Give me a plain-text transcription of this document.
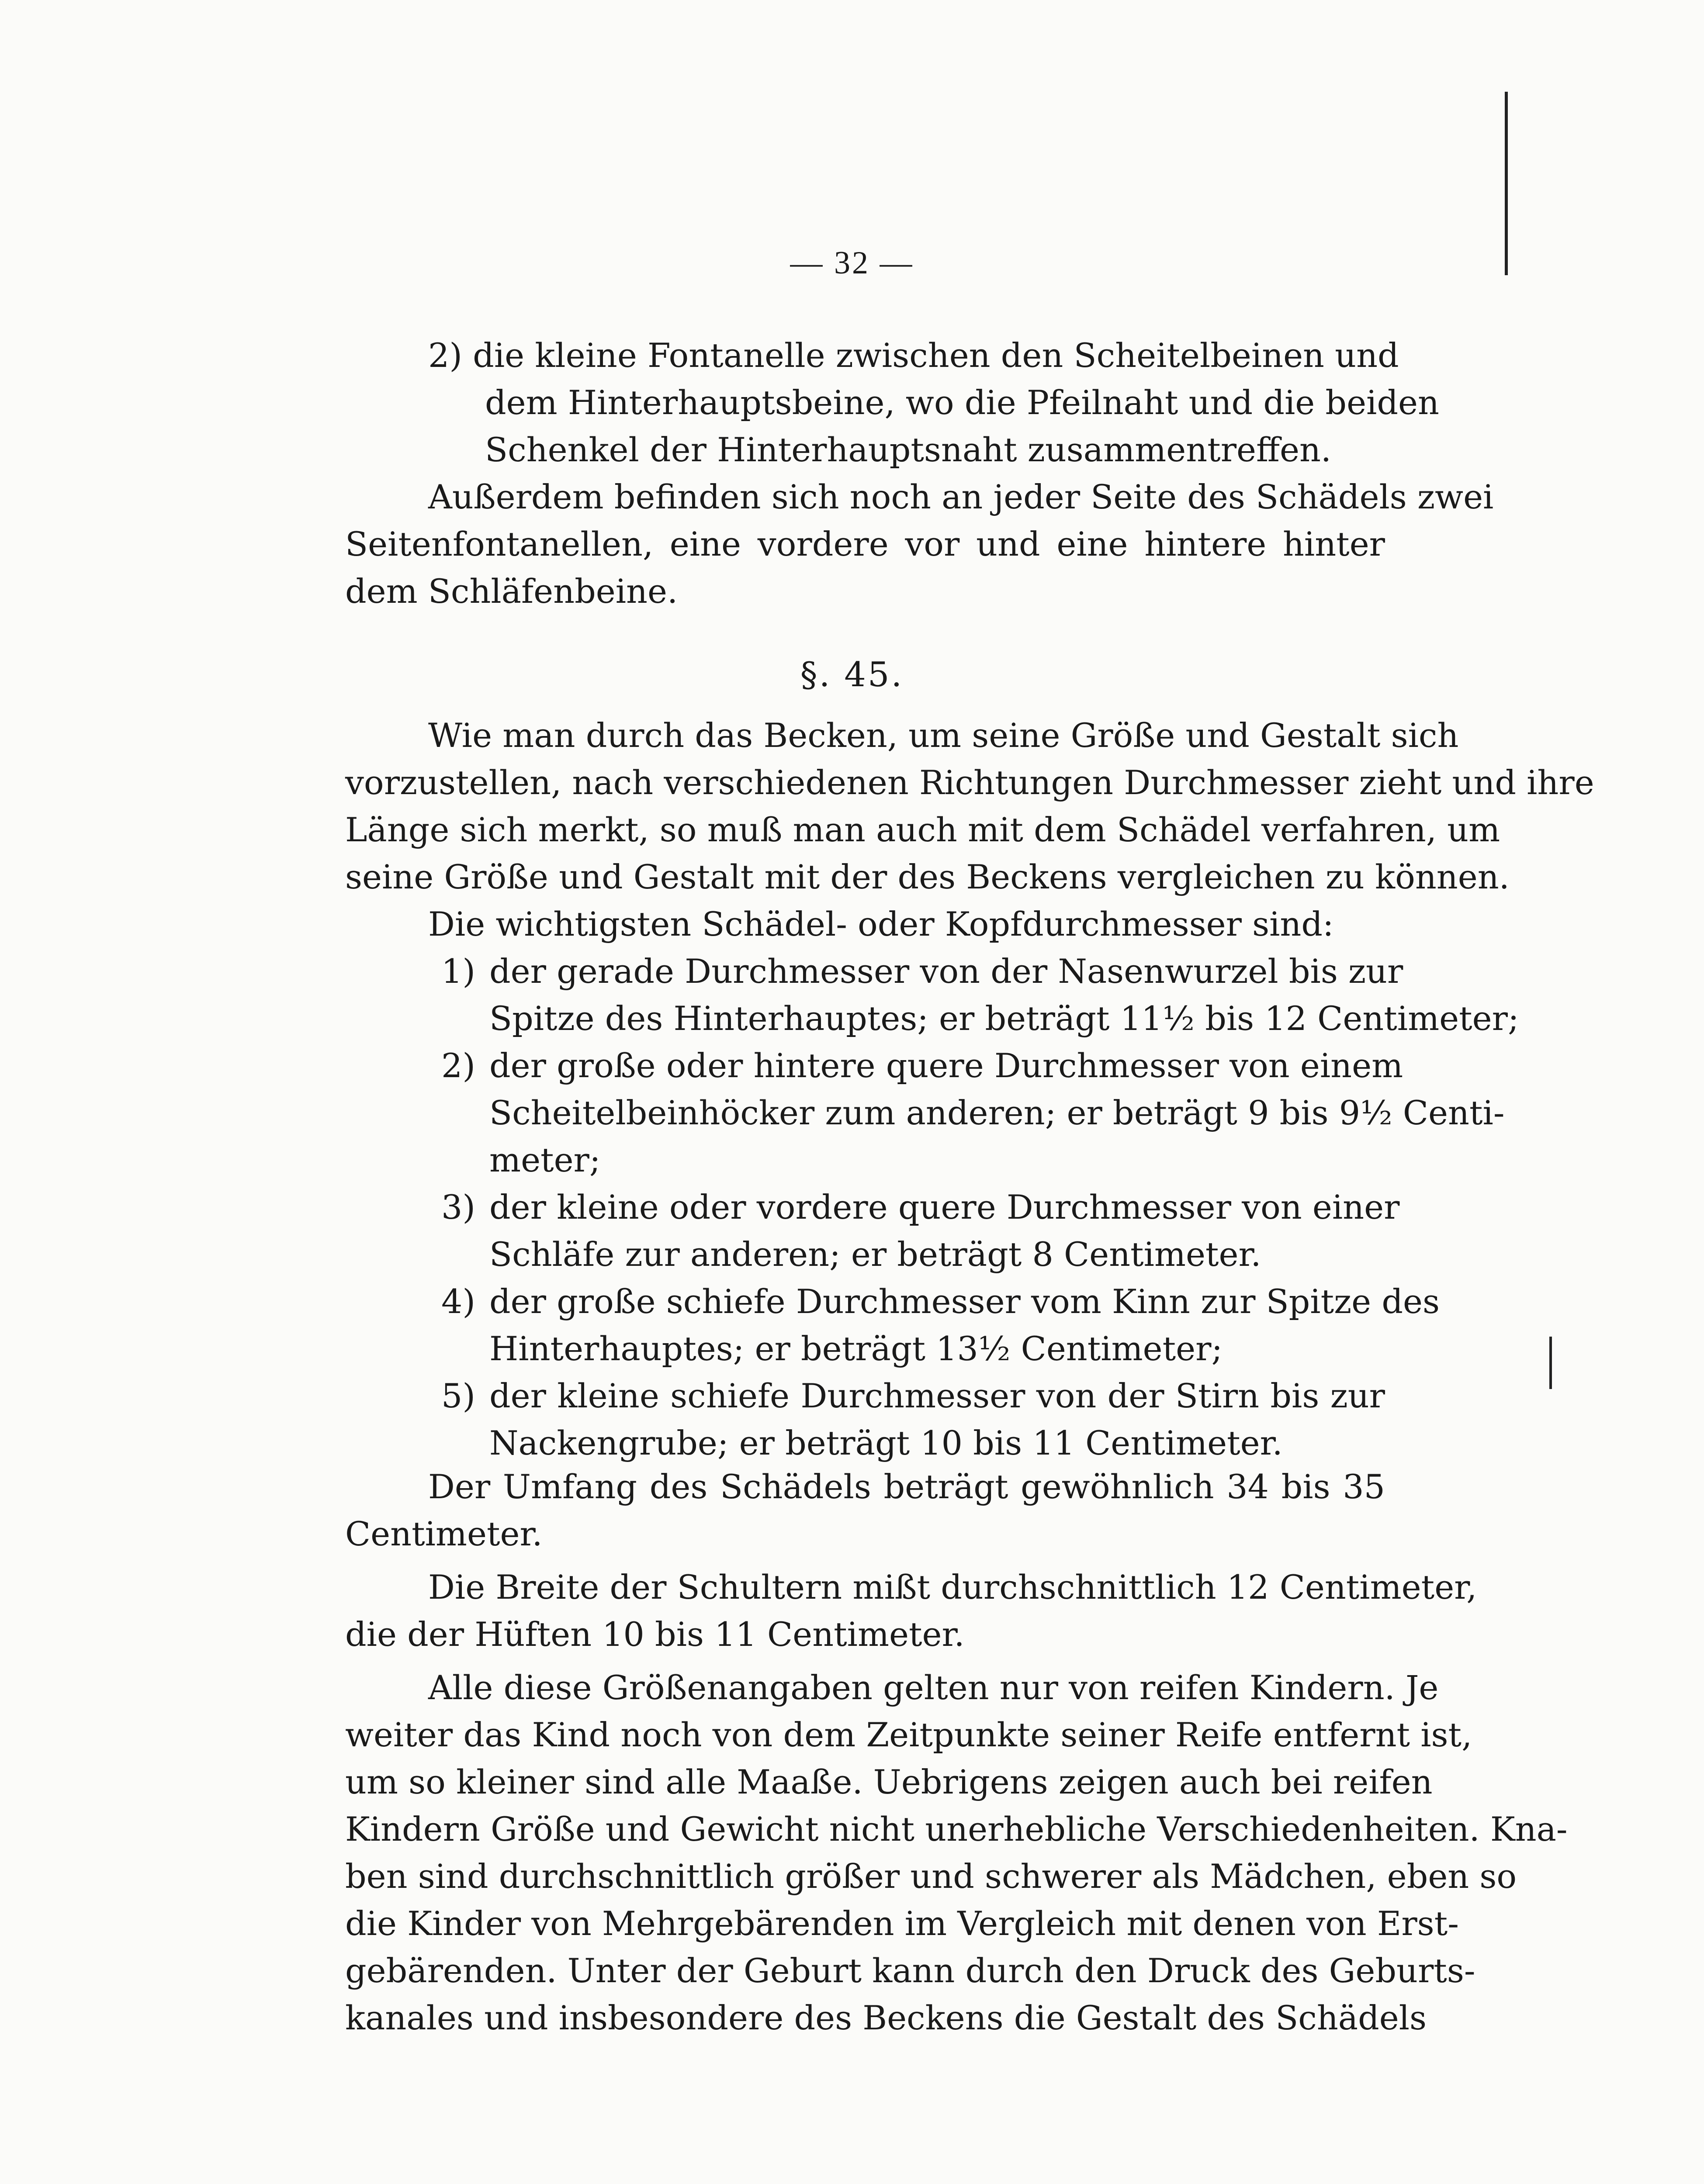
— 32 —
2) die kleine Fontanelle zwischen den Scheitelbeinen und
dem Hinterhauptsbeine, wo die Pfeilnaht und die beiden
Schenkel der Hinterhauptsnaht zusammentreffen.
Außerdem befinden sich noch an jeder Seite des Schädels zwei
Seitenfontanellen, eine vordere vor und eine hintere hinter
dem Schläfenbeine.
§. 45.
Wie man durch das Becken, um seine Größe und Gestalt sich
vorzustellen, nach verschiedenen Richtungen Durchmesser zieht und ihre
Länge sich merkt, so muß man auch mit dem Schädel verfahren, um
seine Größe und Gestalt mit der des Beckens vergleichen zu können.
Die wichtigsten Schädel- oder Kopfdurchmesser sind:
1) der gerade Durchmesser von der Nasenwurzel bis zur
Spitze des Hinterhauptes; er beträgt 11½ bis 12 Centimeter;
2) der große oder hintere quere Durchmesser von einem
Scheitelbeinhöcker zum anderen; er beträgt 9 bis 9½ Centi-
meter;
3) der kleine oder vordere quere Durchmesser von einer
Schläfe zur anderen; er beträgt 8 Centimeter.
4) der große schiefe Durchmesser vom Kinn zur Spitze des
Hinterhauptes; er beträgt 13½ Centimeter;
5) der kleine schiefe Durchmesser von der Stirn bis zur
Nackengrube; er beträgt 10 bis 11 Centimeter.
Der Umfang des Schädels beträgt gewöhnlich 34 bis 35
Centimeter.
Die Breite der Schultern mißt durchschnittlich 12 Centimeter,
die der Hüften 10 bis 11 Centimeter.
Alle diese Größenangaben gelten nur von reifen Kindern. Je
weiter das Kind noch von dem Zeitpunkte seiner Reife entfernt ist,
um so kleiner sind alle Maaße. Uebrigens zeigen auch bei reifen
Kindern Größe und Gewicht nicht unerhebliche Verschiedenheiten. Kna-
ben sind durchschnittlich größer und schwerer als Mädchen, eben so
die Kinder von Mehrgebärenden im Vergleich mit denen von Erst-
gebärenden. Unter der Geburt kann durch den Druck des Geburts-
kanales und insbesondere des Beckens die Gestalt des Schädels
